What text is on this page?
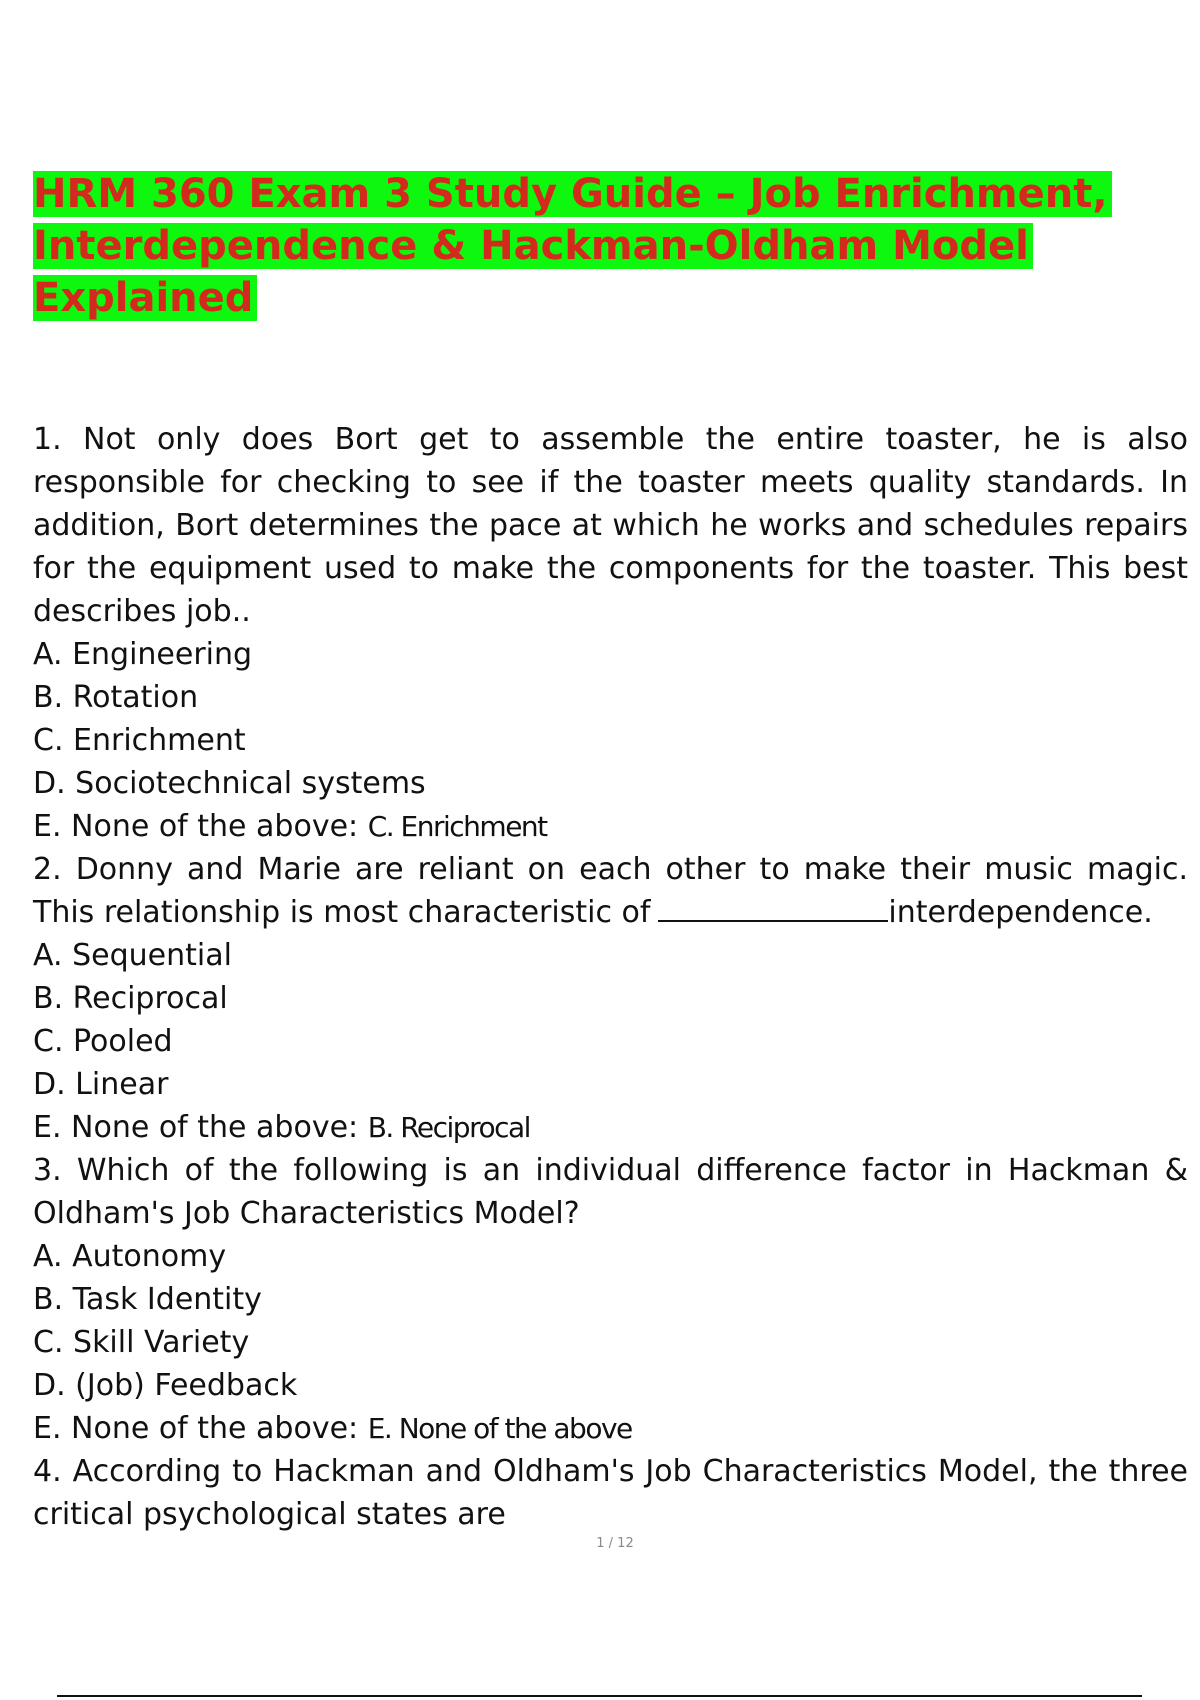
HRM 360 Exam 3 Study Guide – Job Enrichment,
Interdependence & Hackman-Oldham Model
Explained

1. Not only does Bort get to assemble the entire toaster, he is also responsible for checking to see if the toaster meets quality standards. In addition, Bort determines the pace at which he works and schedules repairs for the equipment used to make the components for the toaster. This best describes job..

A. Engineering

B. Rotation

C. Enrichment

D. Sociotechnical systems

E. None of the above: C. Enrichment

2. Donny and Marie are reliant on each other to make their music magic. This relationship is most characteristic of	interdependence.

A. Sequential

B. Reciprocal

C. Pooled

D. Linear

E. None of the above: B. Reciprocal

3. Which of the following is an individual difference factor in Hackman & Oldham's Job Characteristics Model?

A. Autonomy

B. Task Identity

C. Skill Variety

D. (Job) Feedback

E. None of the above: E. None of the above

4. According to Hackman and Oldham's Job Characteristics Model, the three critical psychological states are

1 / 12
